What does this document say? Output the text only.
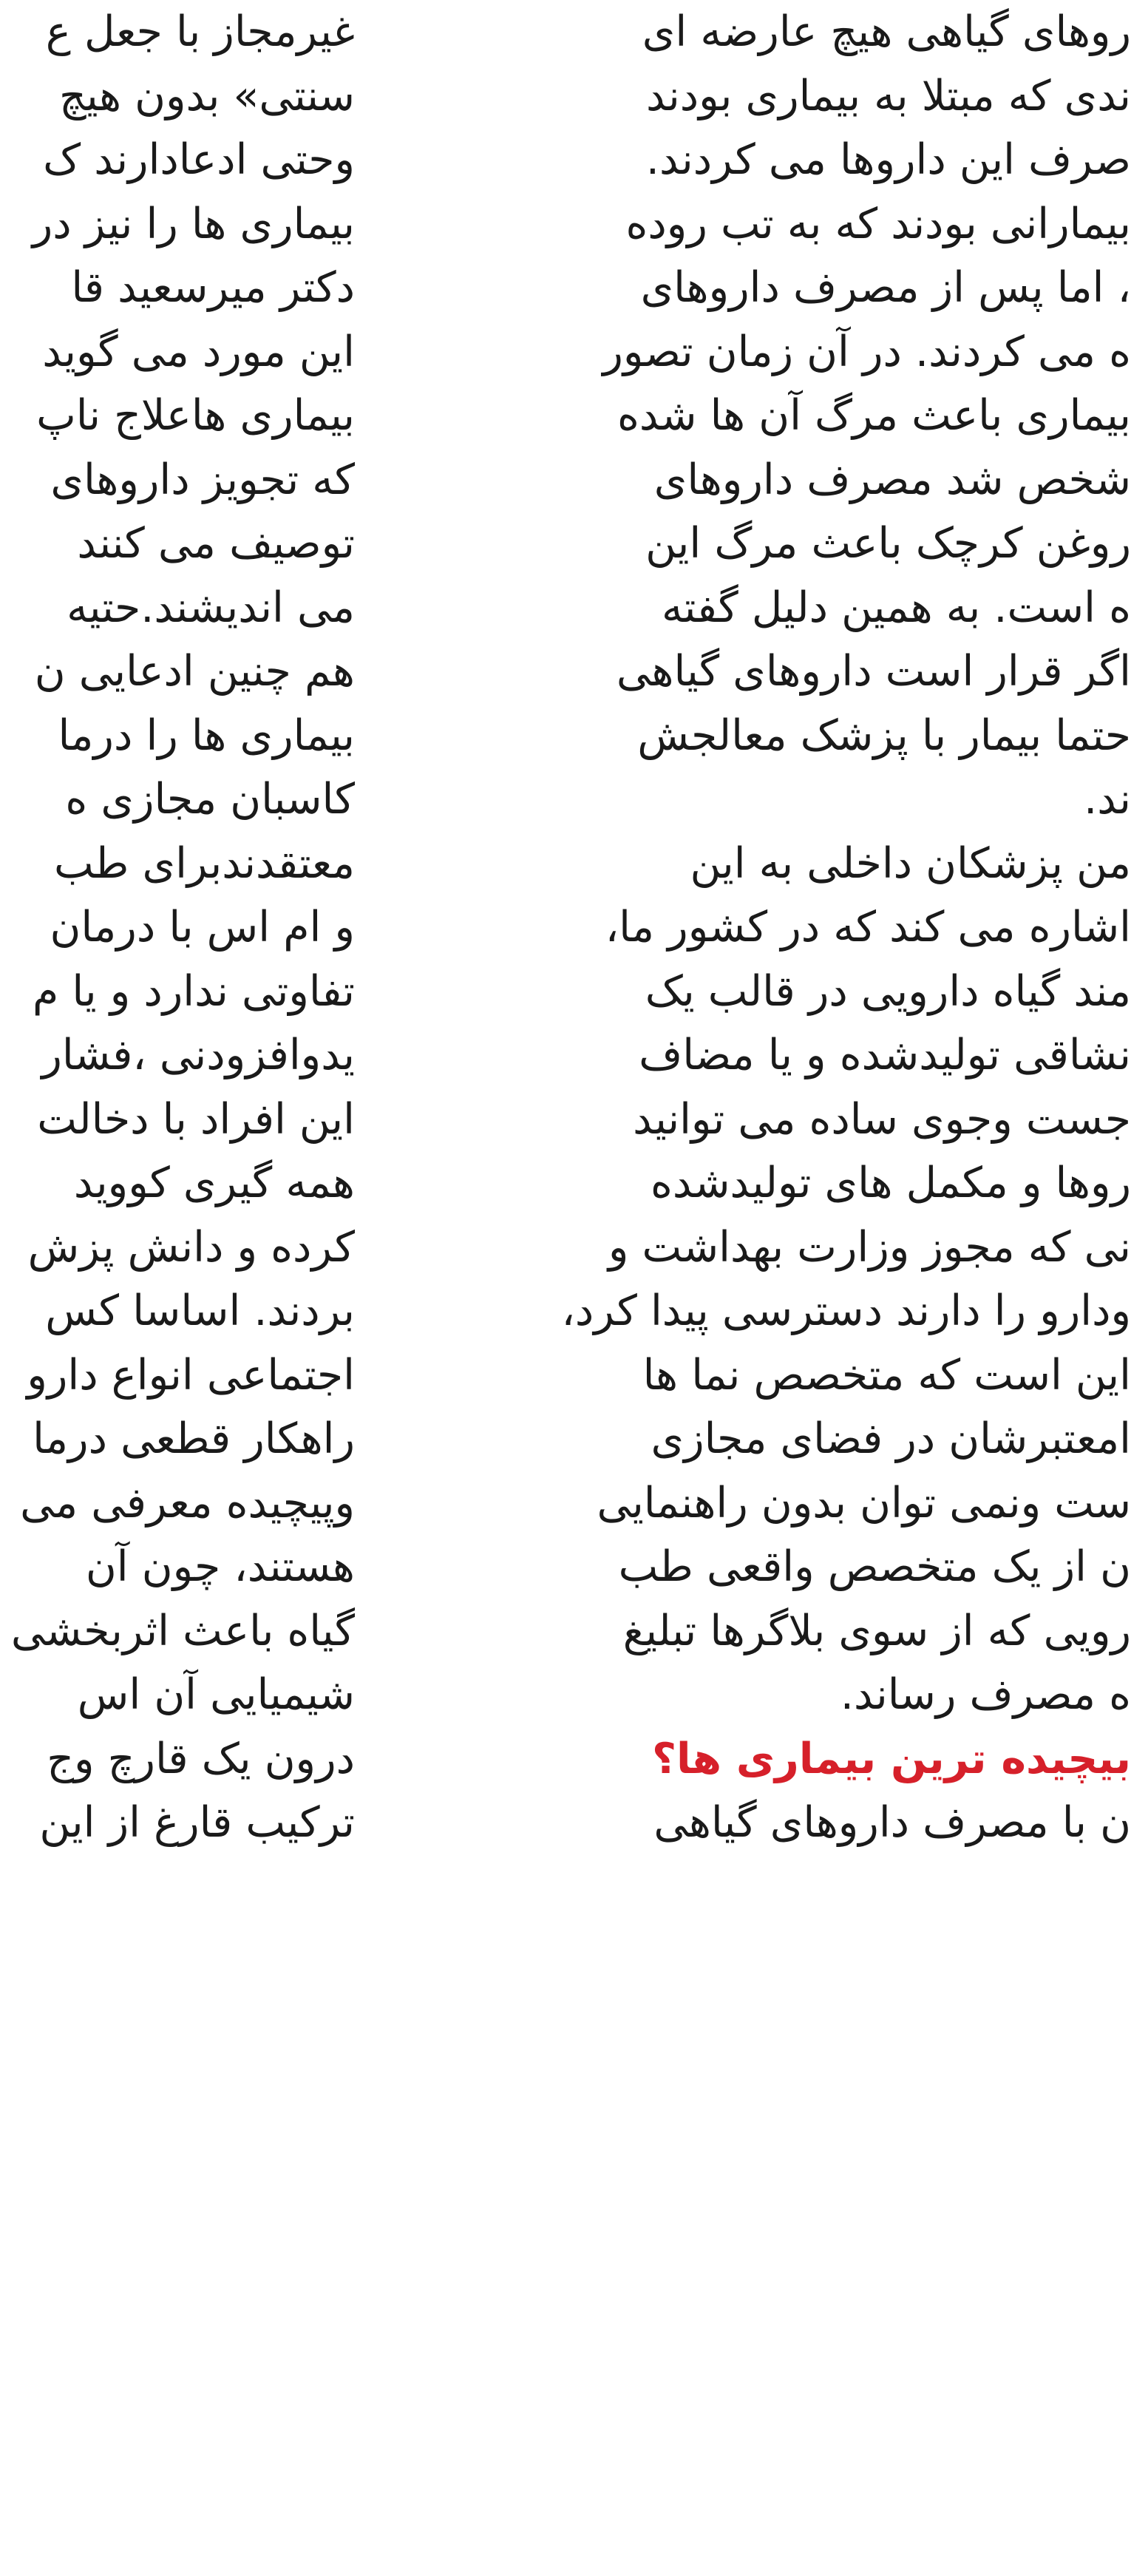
غیرمجاز با جعل ع
سنتی» بدون هیچ
وحتی ادعادارند ک
بیماری ها را نیز در
دکتر میرسعید قا
این مورد می گوید
بیماری هاعلاج ناپ
که تجویز داروهای
توصیف می کنند
می اندیشند.حتیه
هم چنین ادعایی ن
بیماری ها را درما
کاسبان مجازی ه
معتقدندبرای طب
و ام اس با درمان
تفاوتی ندارد و یا م
یدوافزودنی ،فشار
این افراد با دخالت
همه گیری کووید
کرده و دانش پزش
بردند. اساسا کس
اجتماعی انواع دارو
راهکار قطعی درما
وپیچیده معرفی می
هستند، چون آن
گیاه باعث اثربخشی
شیمیایی آن اس
درون یک قارچ وج
ترکیب قارغ از این
روهای گیاهی هیچ عارضه ای
ندی که مبتلا به بیماری بودند
صرف این داروها می کردند.
بیمارانی بودند که به تب روده
، اما پس از مصرف داروهای
ه می کردند. در آن زمان تصور
بیماری باعث مرگ آن ها شده
شخص شد مصرف داروهای
روغن کرچک باعث مرگ این
ه است. به همین دلیل گفته
اگر قرار است داروهای گیاهی
حتما بیمار با پزشک معالجش
ند.
من پزشکان داخلی به این
اشاره می کند که در کشور ما،
مند گیاه دارویی در قالب یک
نشاقی تولیدشده و یا مضاف
جست وجوی ساده می توانید
روها و مکمل های تولیدشده
نی که مجوز وزارت بهداشت و
ودارو را دارند دسترسی پیدا کرد،
این است که متخصص نما ها
امعتبرشان در فضای مجازی
ست ونمی توان بدون راهنمایی
ن از یک متخصص واقعی طب
رویی که از سوی بلاگرها تبلیغ
ه مصرف رساند.
بیچیده ترین بیماری ها؟
ن با مصرف داروهای گیاهی
